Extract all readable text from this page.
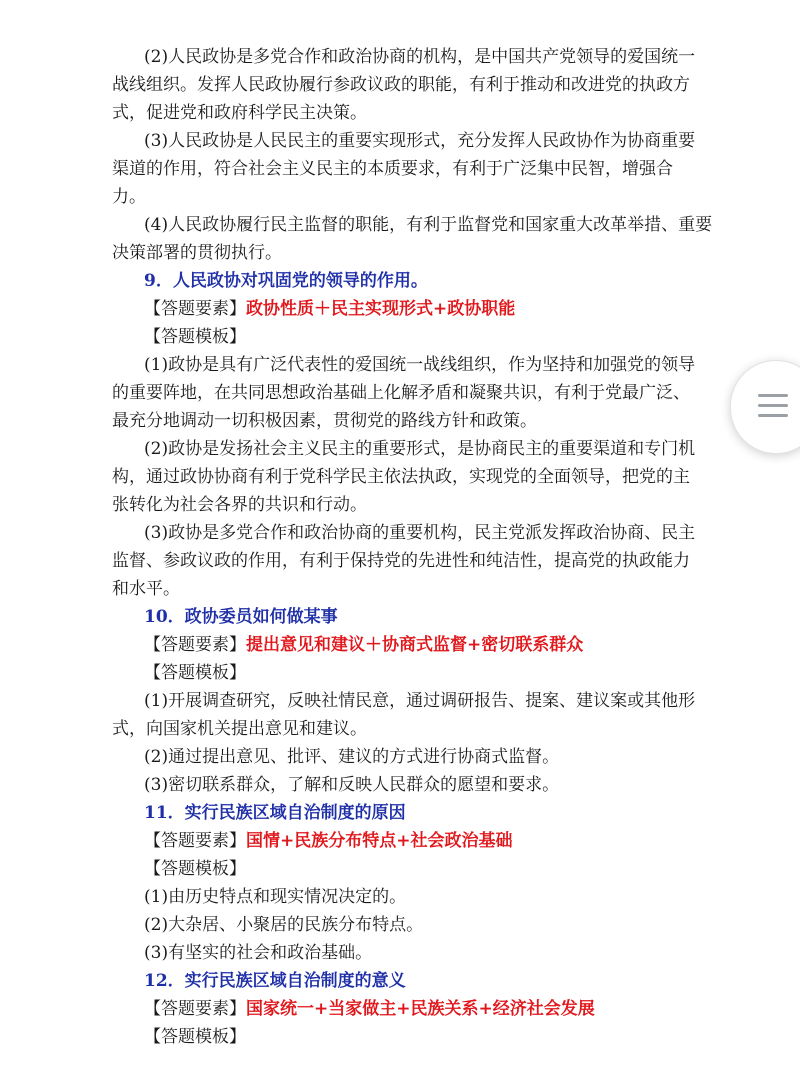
(2)人民政协是多党合作和政治协商的机构，是中国共产党领导的爱国统一
战线组织。发挥人民政协履行参政议政的职能，有利于推动和改进党的执政方
式，促进党和政府科学民主决策。
(3)人民政协是人民民主的重要实现形式，充分发挥人民政协作为协商重要
渠道的作用，符合社会主义民主的本质要求，有利于广泛集中民智，增强合
力。
(4)人民政协履行民主监督的职能，有利于监督党和国家重大改革举措、重要
决策部署的贯彻执行。
9．人民政协对巩固党的领导的作用。
【答题要素】政协性质＋民主实现形式+政协职能
【答题模板】
(1)政协是具有广泛代表性的爱国统一战线组织，作为坚持和加强党的领导
的重要阵地，在共同思想政治基础上化解矛盾和凝聚共识，有利于党最广泛、
最充分地调动一切积极因素，贯彻党的路线方针和政策。
(2)政协是发扬社会主义民主的重要形式，是协商民主的重要渠道和专门机
构，通过政协协商有利于党科学民主依法执政，实现党的全面领导，把党的主
张转化为社会各界的共识和行动。
(3)政协是多党合作和政治协商的重要机构，民主党派发挥政治协商、民主
监督、参政议政的作用，有利于保持党的先进性和纯洁性，提高党的执政能力
和水平。
10．政协委员如何做某事
【答题要素】提出意见和建议＋协商式监督+密切联系群众
【答题模板】
(1)开展调查研究，反映社情民意，通过调研报告、提案、建议案或其他形
式，向国家机关提出意见和建议。
(2)通过提出意见、批评、建议的方式进行协商式监督。
(3)密切联系群众，了解和反映人民群众的愿望和要求。
11．实行民族区域自治制度的原因
【答题要素】国情+民族分布特点+社会政治基础
【答题模板】
(1)由历史特点和现实情况决定的。
(2)大杂居、小聚居的民族分布特点。
(3)有坚实的社会和政治基础。
12．实行民族区域自治制度的意义
【答题要素】国家统一+当家做主+民族关系+经济社会发展
【答题模板】
